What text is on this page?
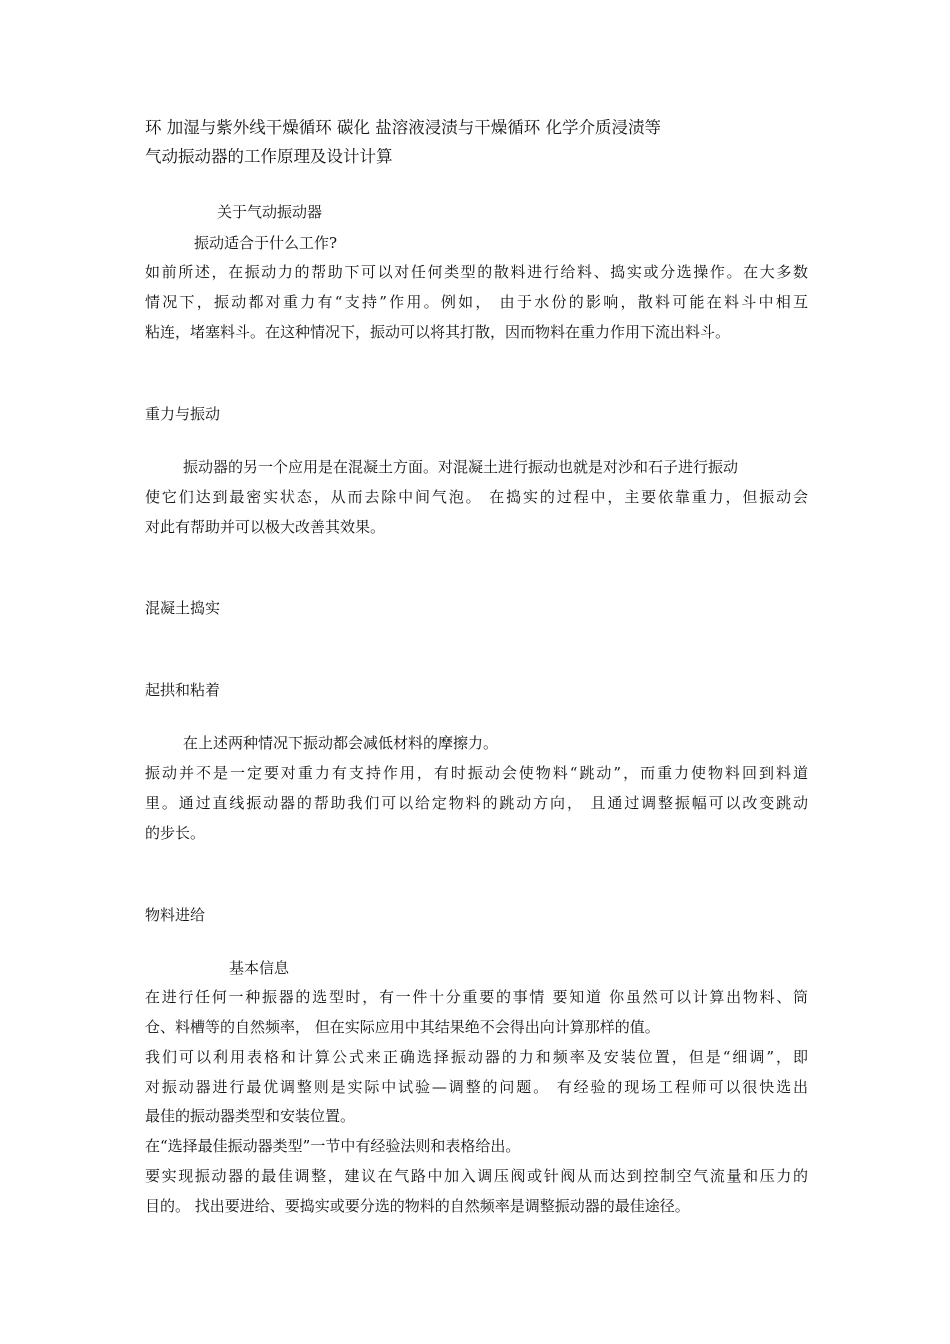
环 加湿与紫外线干燥循环 碳化 盐溶液浸渍与干燥循环 化学介质浸渍等
气动振动器的工作原理及设计计算
关于气动振动器
振动适合于什么工作?
如前所述，在振动力的帮助下可以对任何类型的散料进行给料、捣实或分选操作。在大多数
情况下，振动都对重力有“支持”作用。例如， 由于水份的影响，散料可能在料斗中相互
粘连，堵塞料斗。在这种情况下，振动可以将其打散，因而物料在重力作用下流出料斗。
重力与振动
振动器的另一个应用是在混凝土方面。对混凝土进行振动也就是对沙和石子进行振动
使它们达到最密实状态，从而去除中间气泡。 在捣实的过程中，主要依靠重力，但振动会
对此有帮助并可以极大改善其效果。
混凝土捣实
起拱和粘着
在上述两种情况下振动都会减低材料的摩擦力。
振动并不是一定要对重力有支持作用，有时振动会使物料“跳动”，而重力使物料回到料道
里。通过直线振动器的帮助我们可以给定物料的跳动方向， 且通过调整振幅可以改变跳动
的步长。
物料进给
基本信息
在进行任何一种振器的选型时，有一件十分重要的事情 要知道 你虽然可以计算出物料、筒
仓、料槽等的自然频率， 但在实际应用中其结果绝不会得出向计算那样的值。
我们可以利用表格和计算公式来正确选择振动器的力和频率及安装位置，但是“细调”，即
对振动器进行最优调整则是实际中试验—调整的问题。 有经验的现场工程师可以很快选出
最佳的振动器类型和安装位置。
在“选择最佳振动器类型”一节中有经验法则和表格给出。
要实现振动器的最佳调整，建议在气路中加入调压阀或针阀从而达到控制空气流量和压力的
目的。 找出要进给、要捣实或要分选的物料的自然频率是调整振动器的最佳途径。
